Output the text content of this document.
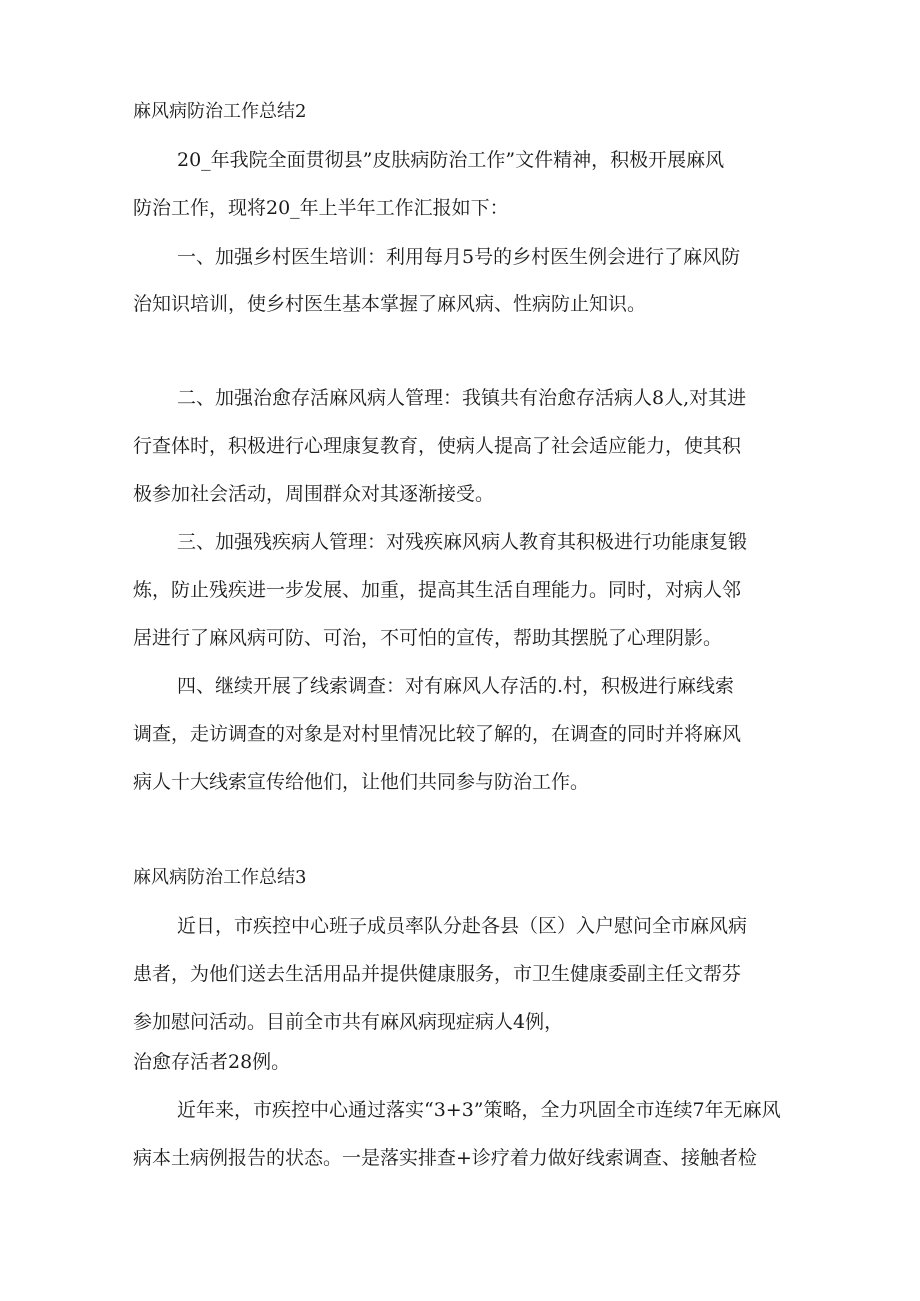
麻风病防治工作总结2
20_年我院全面贯彻县”皮肤病防治工作”文件精神，积极开展麻风
防治工作，现将20_年上半年工作汇报如下：
一、加强乡村医生培训：利用每月5号的乡村医生例会进行了麻风防
治知识培训，使乡村医生基本掌握了麻风病、性病防止知识。
二、加强治愈存活麻风病人管理：我镇共有治愈存活病人8人,对其进
行查体时，积极进行心理康复教育，使病人提高了社会适应能力，使其积
极参加社会活动，周围群众对其逐渐接受。
三、加强残疾病人管理：对残疾麻风病人教育其积极进行功能康复锻
炼，防止残疾进一步发展、加重，提高其生活自理能力。同时，对病人邻
居进行了麻风病可防、可治，不可怕的宣传，帮助其摆脱了心理阴影。
四、继续开展了线索调查：对有麻风人存活的.村，积极进行麻线索
调查，走访调查的对象是对村里情况比较了解的，在调查的同时并将麻风
病人十大线索宣传给他们，让他们共同参与防治工作。
麻风病防治工作总结3
近日，市疾控中心班子成员率队分赴各县（区）入户慰问全市麻风病
患者，为他们送去生活用品并提供健康服务，市卫生健康委副主任文帮芬
参加慰问活动。目前全市共有麻风病现症病人4例，
治愈存活者28例。
近年来，市疾控中心通过落实“3+3”策略，全力巩固全市连续7年无麻风
病本土病例报告的状态。一是落实排查+诊疗着力做好线索调查、接触者检
